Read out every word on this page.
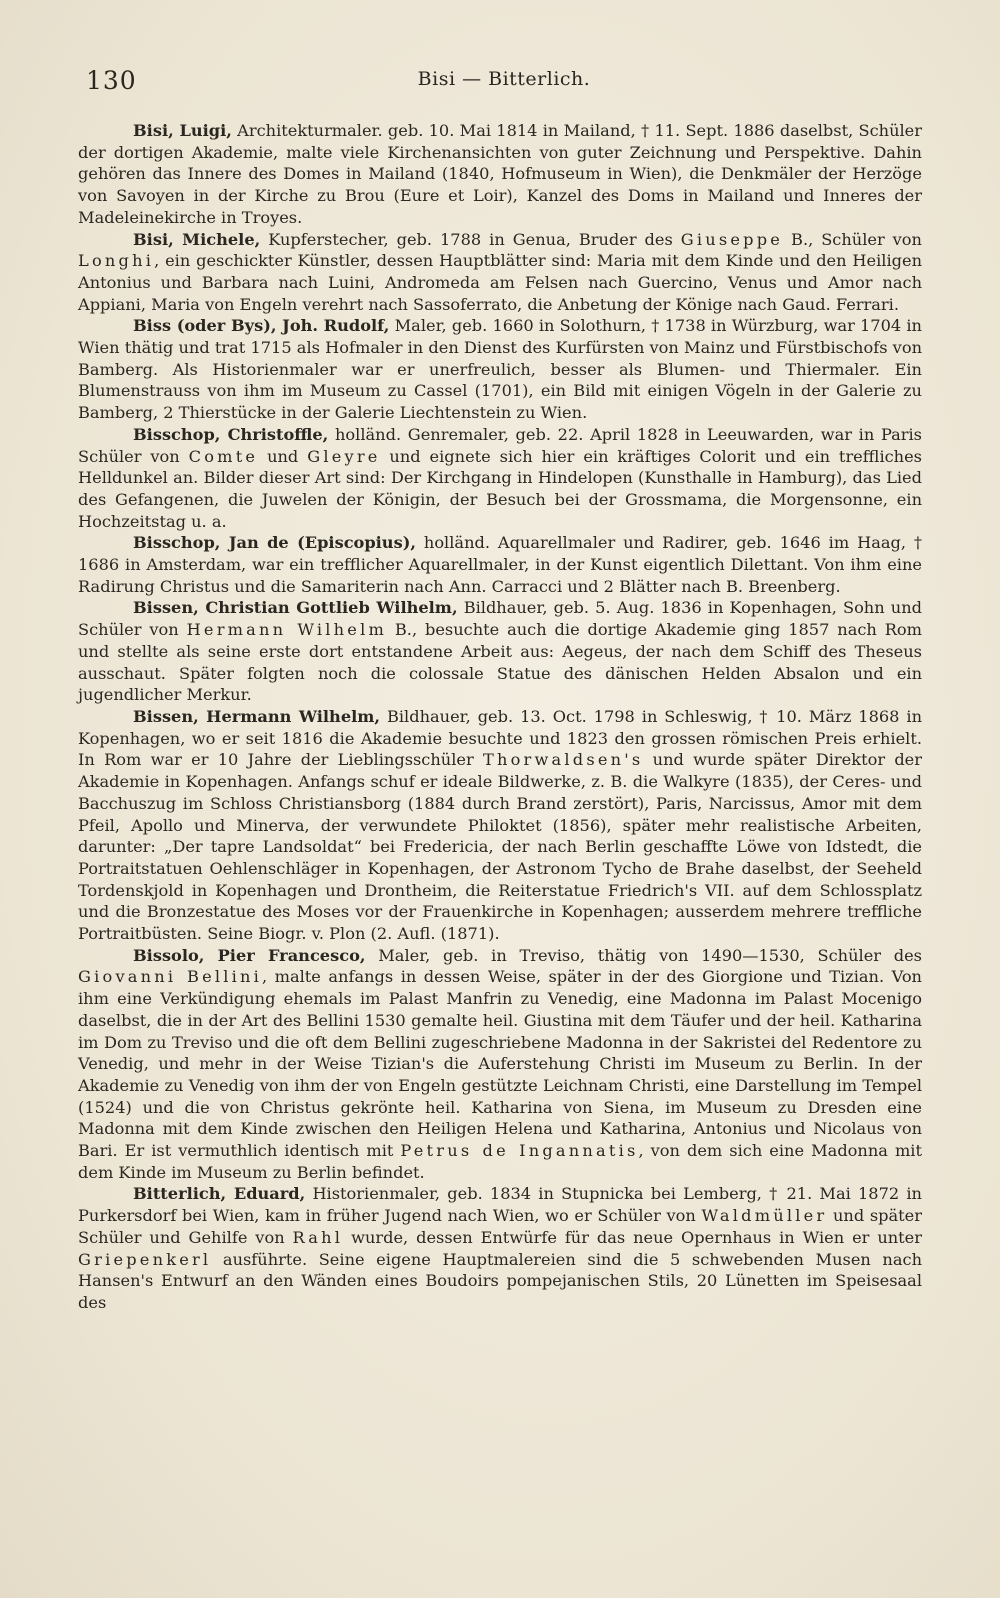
130	Bisi — Bitterlich.

Bisi, Luigi, Architekturmaler. geb. 10. Mai 1814 in Mailand, † 11. Sept. 1886 daselbst, Schüler der dortigen Akademie, malte viele Kirchenansichten von guter Zeichnung und Perspektive. Dahin gehören das Innere des Domes in Mailand (1840, Hofmuseum in Wien), die Denkmäler der Herzöge von Savoyen in der Kirche zu Brou (Eure et Loir), Kanzel des Doms in Mailand und Inneres der Madeleinekirche in Troyes.

Bisi, Michele, Kupferstecher, geb. 1788 in Genua, Bruder des Giuseppe B., Schüler von Longhi, ein geschickter Künstler, dessen Hauptblätter sind: Maria mit dem Kinde und den Heiligen Antonius und Barbara nach Luini, Andromeda am Felsen nach Guercino, Venus und Amor nach Appiani, Maria von Engeln verehrt nach Sassoferrato, die Anbetung der Könige nach Gaud. Ferrari.

Biss (oder Bys), Joh. Rudolf, Maler, geb. 1660 in Solothurn, † 1738 in Würzburg, war 1704 in Wien thätig und trat 1715 als Hofmaler in den Dienst des Kurfürsten von Mainz und Fürstbischofs von Bamberg. Als Historienmaler war er unerfreulich, besser als Blumen- und Thiermaler. Ein Blumenstrauss von ihm im Museum zu Cassel (1701), ein Bild mit einigen Vögeln in der Galerie zu Bamberg, 2 Thierstücke in der Galerie Liechtenstein zu Wien.

Bisschop, Christoffle, holländ. Genremaler, geb. 22. April 1828 in Leeuwarden, war in Paris Schüler von Comte und Gleyre und eignete sich hier ein kräftiges Colorit und ein treffliches Helldunkel an. Bilder dieser Art sind: Der Kirchgang in Hindelopen (Kunsthalle in Hamburg), das Lied des Gefangenen, die Juwelen der Königin, der Besuch bei der Grossmama, die Morgensonne, ein Hochzeitstag u. a.

Bisschop, Jan de (Episcopius), holländ. Aquarellmaler und Radirer, geb. 1646 im Haag, † 1686 in Amsterdam, war ein trefflicher Aquarellmaler, in der Kunst eigentlich Dilettant. Von ihm eine Radirung Christus und die Samariterin nach Ann. Carracci und 2 Blätter nach B. Breenberg.

Bissen, Christian Gottlieb Wilhelm, Bildhauer, geb. 5. Aug. 1836 in Kopenhagen, Sohn und Schüler von Hermann Wilhelm B., besuchte auch die dortige Akademie ging 1857 nach Rom und stellte als seine erste dort entstandene Arbeit aus: Aegeus, der nach dem Schiff des Theseus ausschaut. Später folgten noch die colossale Statue des dänischen Helden Absalon und ein jugendlicher Merkur.

Bissen, Hermann Wilhelm, Bildhauer, geb. 13. Oct. 1798 in Schleswig, † 10. März 1868 in Kopenhagen, wo er seit 1816 die Akademie besuchte und 1823 den grossen römischen Preis erhielt. In Rom war er 10 Jahre der Lieblingsschüler Thorwaldsen's und wurde später Direktor der Akademie in Kopenhagen. Anfangs schuf er ideale Bildwerke, z. B. die Walkyre (1835), der Ceres- und Bacchuszug im Schloss Christiansborg (1884 durch Brand zerstört), Paris, Narcissus, Amor mit dem Pfeil, Apollo und Minerva, der verwundete Philoktet (1856), später mehr realistische Arbeiten, darunter: „Der tapre Landsoldat“ bei Fredericia, der nach Berlin geschaffte Löwe von Idstedt, die Portraitstatuen Oehlenschläger in Kopenhagen, der Astronom Tycho de Brahe daselbst, der Seeheld Tordenskjold in Kopenhagen und Drontheim, die Reiterstatue Friedrich's VII. auf dem Schlossplatz und die Bronzestatue des Moses vor der Frauenkirche in Kopenhagen; ausserdem mehrere treffliche Portraitbüsten. Seine Biogr. v. Plon (2. Aufl. (1871).

Bissolo, Pier Francesco, Maler, geb. in Treviso, thätig von 1490—1530, Schüler des Giovanni Bellini, malte anfangs in dessen Weise, später in der des Giorgione und Tizian. Von ihm eine Verkündigung ehemals im Palast Manfrin zu Venedig, eine Madonna im Palast Mocenigo daselbst, die in der Art des Bellini 1530 gemalte heil. Giustina mit dem Täufer und der heil. Katharina im Dom zu Treviso und die oft dem Bellini zugeschriebene Madonna in der Sakristei del Redentore zu Venedig, und mehr in der Weise Tizian's die Auferstehung Christi im Museum zu Berlin. In der Akademie zu Venedig von ihm der von Engeln gestützte Leichnam Christi, eine Darstellung im Tempel (1524) und die von Christus gekrönte heil. Katharina von Siena, im Museum zu Dresden eine Madonna mit dem Kinde zwischen den Heiligen Helena und Katharina, Antonius und Nicolaus von Bari. Er ist vermuthlich identisch mit Petrus de Ingannatis, von dem sich eine Madonna mit dem Kinde im Museum zu Berlin befindet.

Bitterlich, Eduard, Historienmaler, geb. 1834 in Stupnicka bei Lemberg, † 21. Mai 1872 in Purkersdorf bei Wien, kam in früher Jugend nach Wien, wo er Schüler von Waldmüller und später Schüler und Gehilfe von Rahl wurde, dessen Entwürfe für das neue Opernhaus in Wien er unter Griepenkerl ausführte. Seine eigene Hauptmalereien sind die 5 schwebenden Musen nach Hansen's Entwurf an den Wänden eines Boudoirs pompejanischen Stils, 20 Lünetten im Speisesaal des
